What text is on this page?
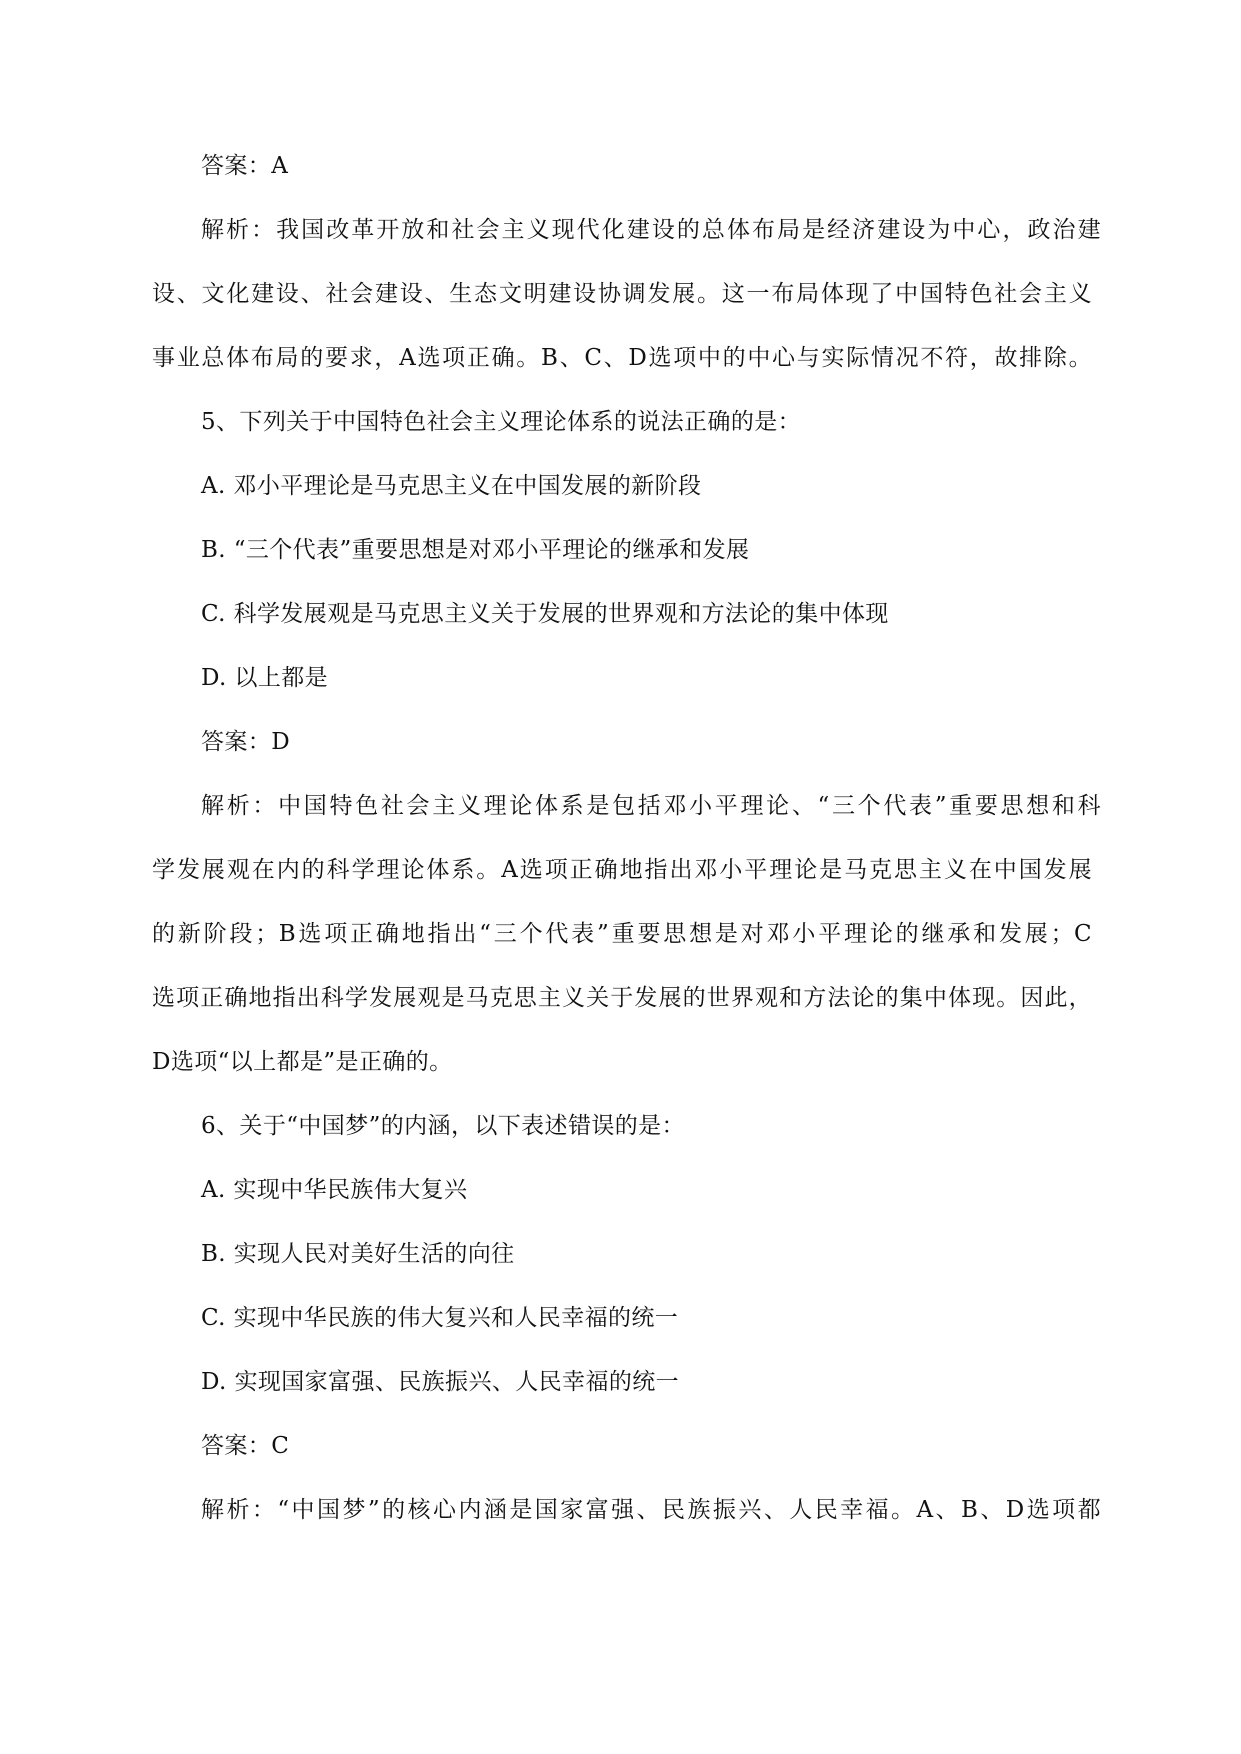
答案：A
解析：我国改革开放和社会主义现代化建设的总体布局是经济建设为中心，政治建
设、文化建设、社会建设、生态文明建设协调发展。这一布局体现了中国特色社会主义
事业总体布局的要求，A选项正确。B、C、D选项中的中心与实际情况不符，故排除。
5、下列关于中国特色社会主义理论体系的说法正确的是：
A. 邓小平理论是马克思主义在中国发展的新阶段
B. “三个代表”重要思想是对邓小平理论的继承和发展
C. 科学发展观是马克思主义关于发展的世界观和方法论的集中体现
D. 以上都是
答案：D
解析：中国特色社会主义理论体系是包括邓小平理论、“三个代表”重要思想和科
学发展观在内的科学理论体系。A选项正确地指出邓小平理论是马克思主义在中国发展
的新阶段；B选项正确地指出“三个代表”重要思想是对邓小平理论的继承和发展；C
选项正确地指出科学发展观是马克思主义关于发展的世界观和方法论的集中体现。因此，
D选项“以上都是”是正确的。
6、关于“中国梦”的内涵，以下表述错误的是：
A. 实现中华民族伟大复兴
B. 实现人民对美好生活的向往
C. 实现中华民族的伟大复兴和人民幸福的统一
D. 实现国家富强、民族振兴、人民幸福的统一
答案：C
解析：“中国梦”的核心内涵是国家富强、民族振兴、人民幸福。A、B、D选项都
